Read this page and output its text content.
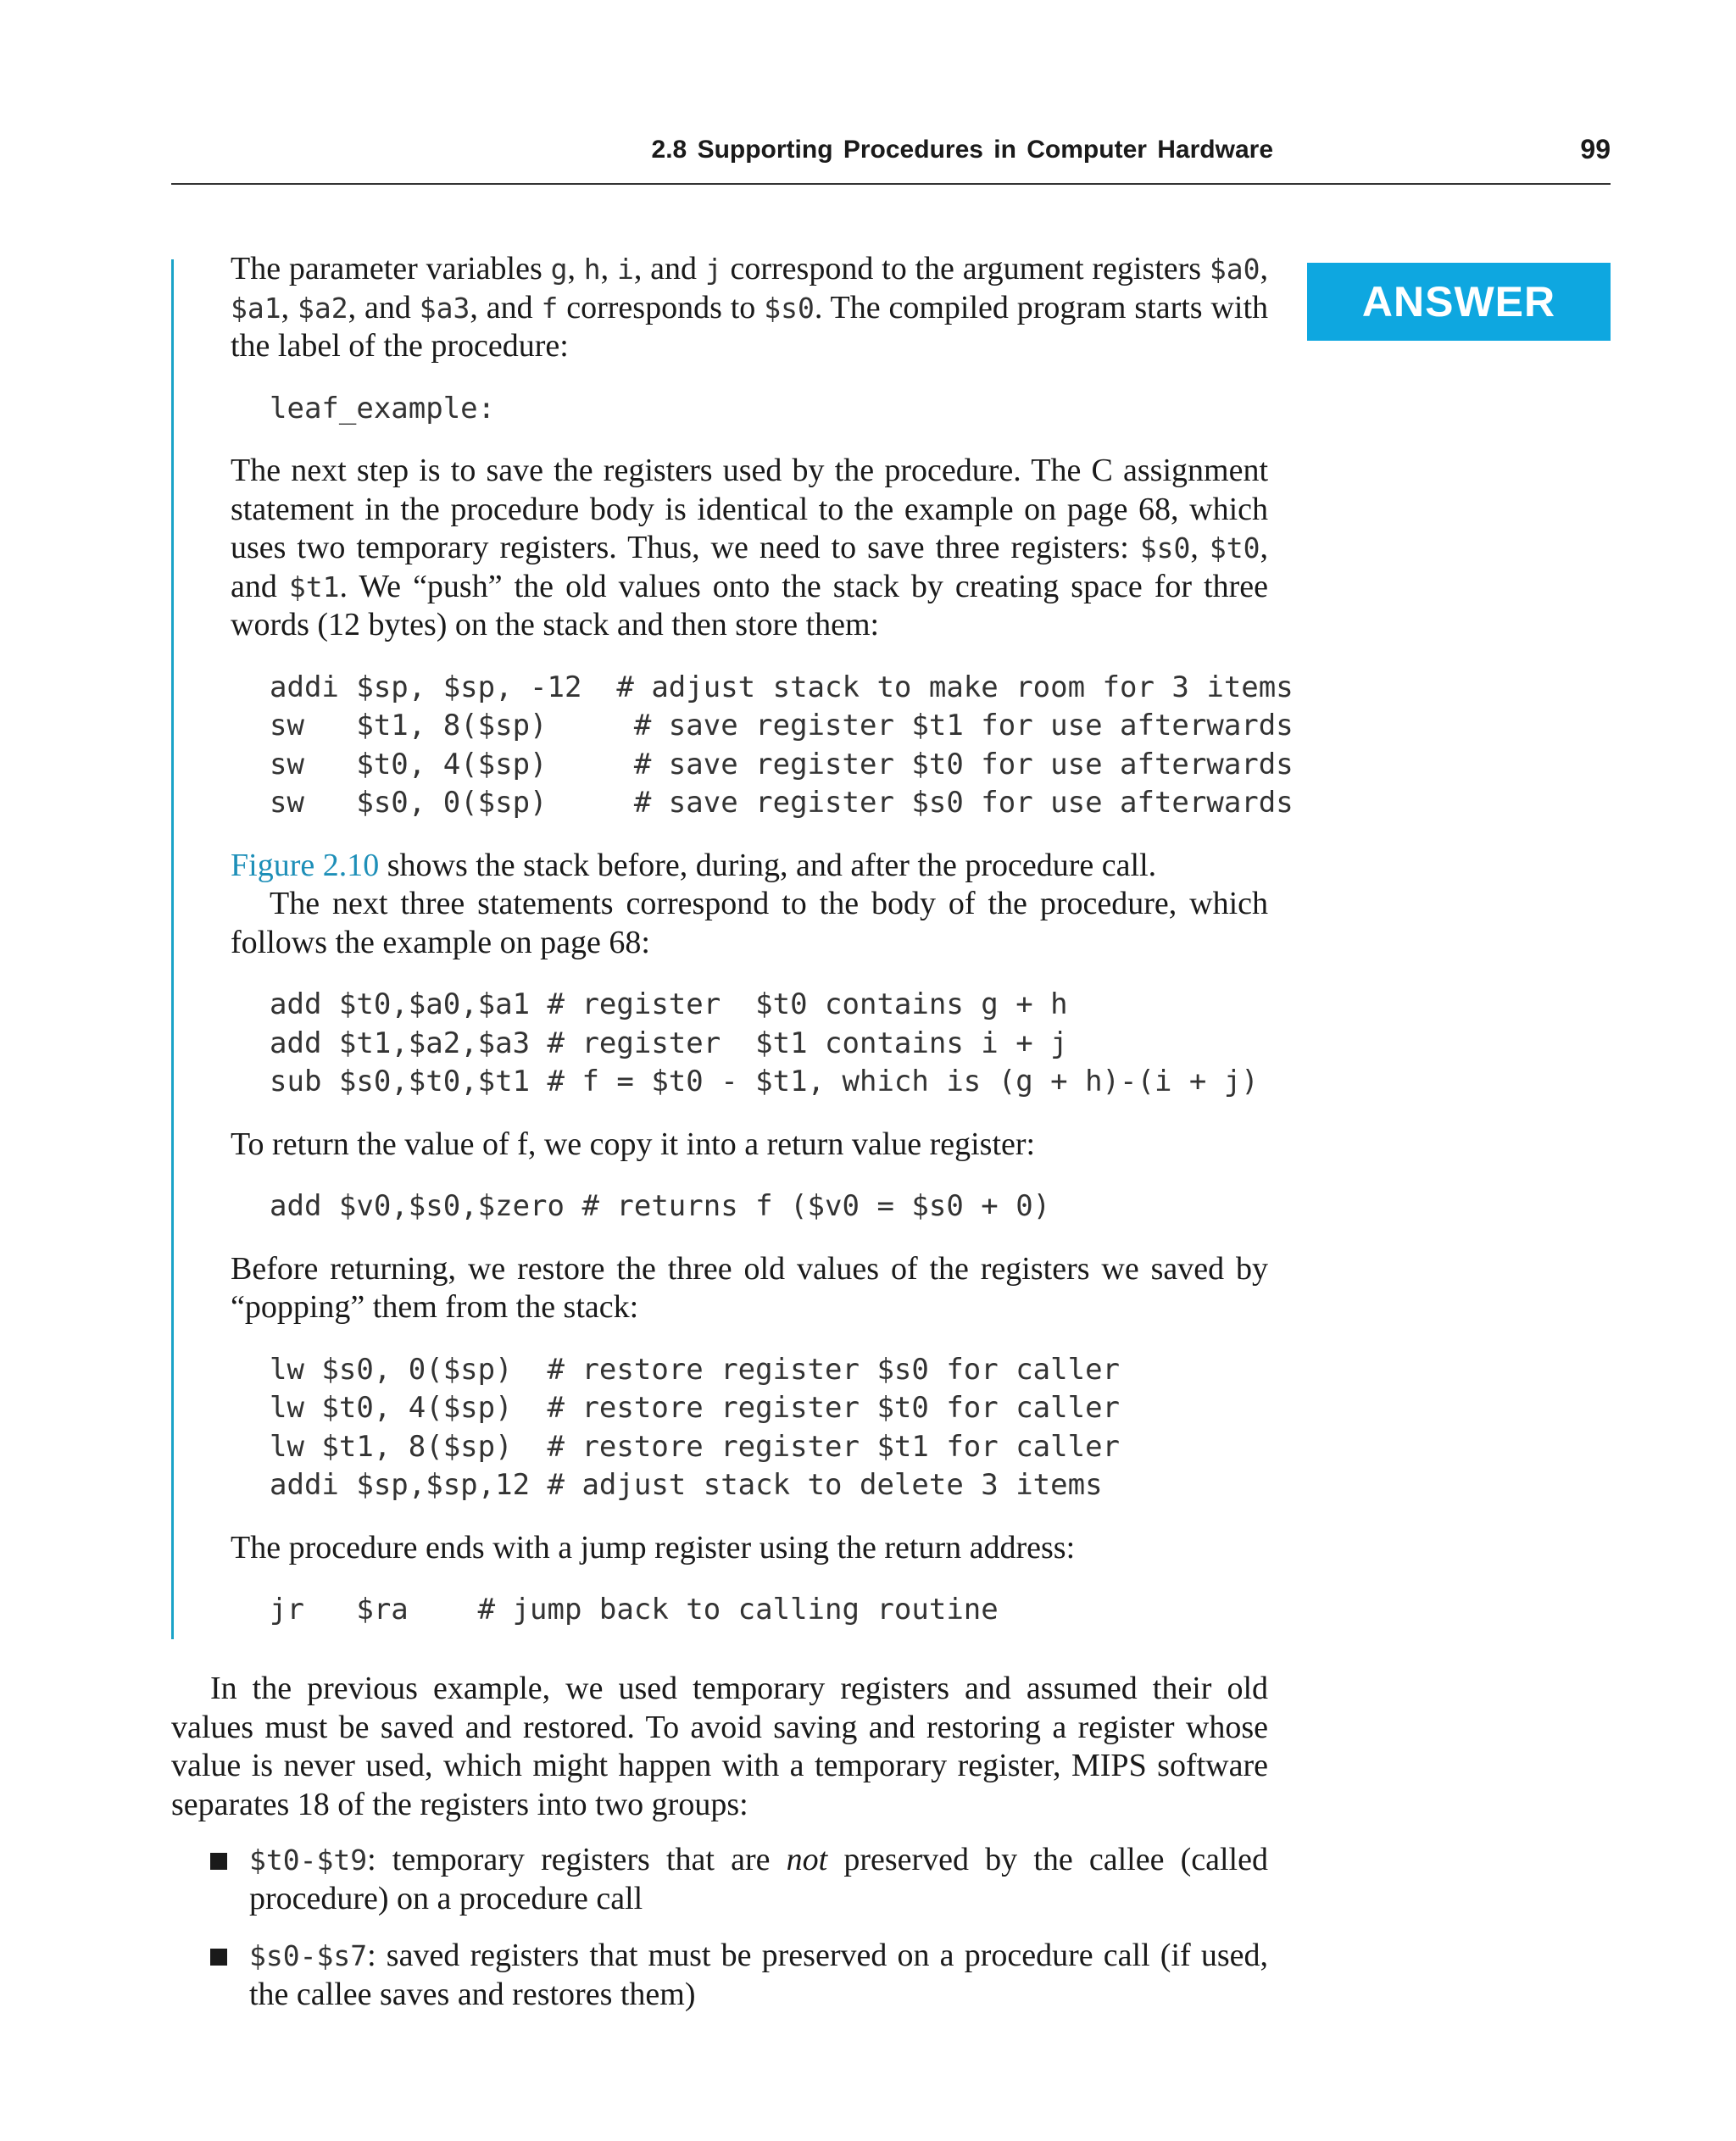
2.8 Supporting Procedures in Computer Hardware	99
ANSWER

The parameter variables g, h, i, and j correspond to the argument registers $a0, $a1, $a2, and $a3, and f corresponds to $s0. The compiled program starts with the label of the procedure:

leaf_example:

The next step is to save the registers used by the procedure. The C assignment statement in the procedure body is identical to the example on page 68, which uses two temporary registers. Thus, we need to save three registers: $s0, $t0, and $t1. We “push” the old values onto the stack by creating space for three words (12 bytes) on the stack and then store them:

addi $sp, $sp, -12  # adjust stack to make room for 3 items
sw   $t1, 8($sp)     # save register $t1 for use afterwards
sw   $t0, 4($sp)     # save register $t0 for use afterwards
sw   $s0, 0($sp)     # save register $s0 for use afterwards

Figure 2.10 shows the stack before, during, and after the procedure call.

The next three statements correspond to the body of the procedure, which follows the example on page 68:

add $t0,$a0,$a1 # register  $t0 contains g + h
add $t1,$a2,$a3 # register  $t1 contains i + j
sub $s0,$t0,$t1 # f = $t0 - $t1, which is (g + h)-(i + j)

To return the value of f, we copy it into a return value register:

add $v0,$s0,$zero # returns f ($v0 = $s0 + 0)

Before returning, we restore the three old values of the registers we saved by “popping” them from the stack:

lw $s0, 0($sp)  # restore register $s0 for caller
lw $t0, 4($sp)  # restore register $t0 for caller
lw $t1, 8($sp)  # restore register $t1 for caller
addi $sp,$sp,12 # adjust stack to delete 3 items

The procedure ends with a jump register using the return address:

jr   $ra    # jump back to calling routine

In the previous example, we used temporary registers and assumed their old values must be saved and restored. To avoid saving and restoring a register whose value is never used, which might happen with a temporary register, MIPS software separates 18 of the registers into two groups:

$t0-$t9: temporary registers that are not preserved by the callee (called procedure) on a procedure call
$s0-$s7: saved registers that must be preserved on a procedure call (if used, the callee saves and restores them)
